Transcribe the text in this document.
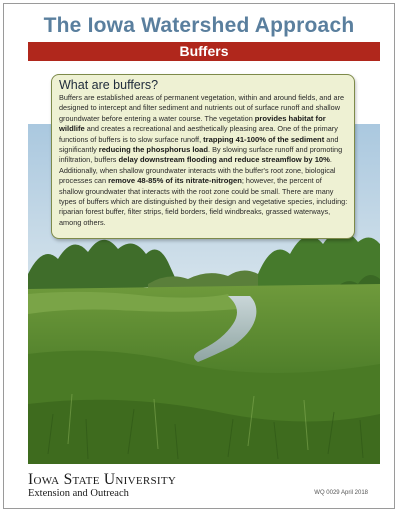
The Iowa Watershed Approach
Buffers
What are buffers?

Buffers are established areas of permanent vegetation, within and around fields, and are designed to intercept and filter sediment and nutrients out of surface runoff and shallow groundwater before entering a water course. The vegetation provides habitat for wildlife and creates a recreational and aesthetically pleasing area. One of the primary functions of buffers is to slow surface runoff, trapping 41-100% of the sediment and significantly reducing the phosphorus load. By slowing surface runoff and promoting infiltration, buffers delay downstream flooding and reduce streamflow by 10%. Additionally, when shallow groundwater interacts with the buffer's root zone, biological processes can remove 48-85% of its nitrate-nitrogen; however, the percent of shallow groundwater that interacts with the root zone could be small. There are many types of buffers which are distinguished by their design and vegetative species, including: riparian forest buffer, filter strips, field borders, field windbreaks, grassed waterways, among others.

Iowa State University
Extension and Outreach	WQ 0029 April 2018
